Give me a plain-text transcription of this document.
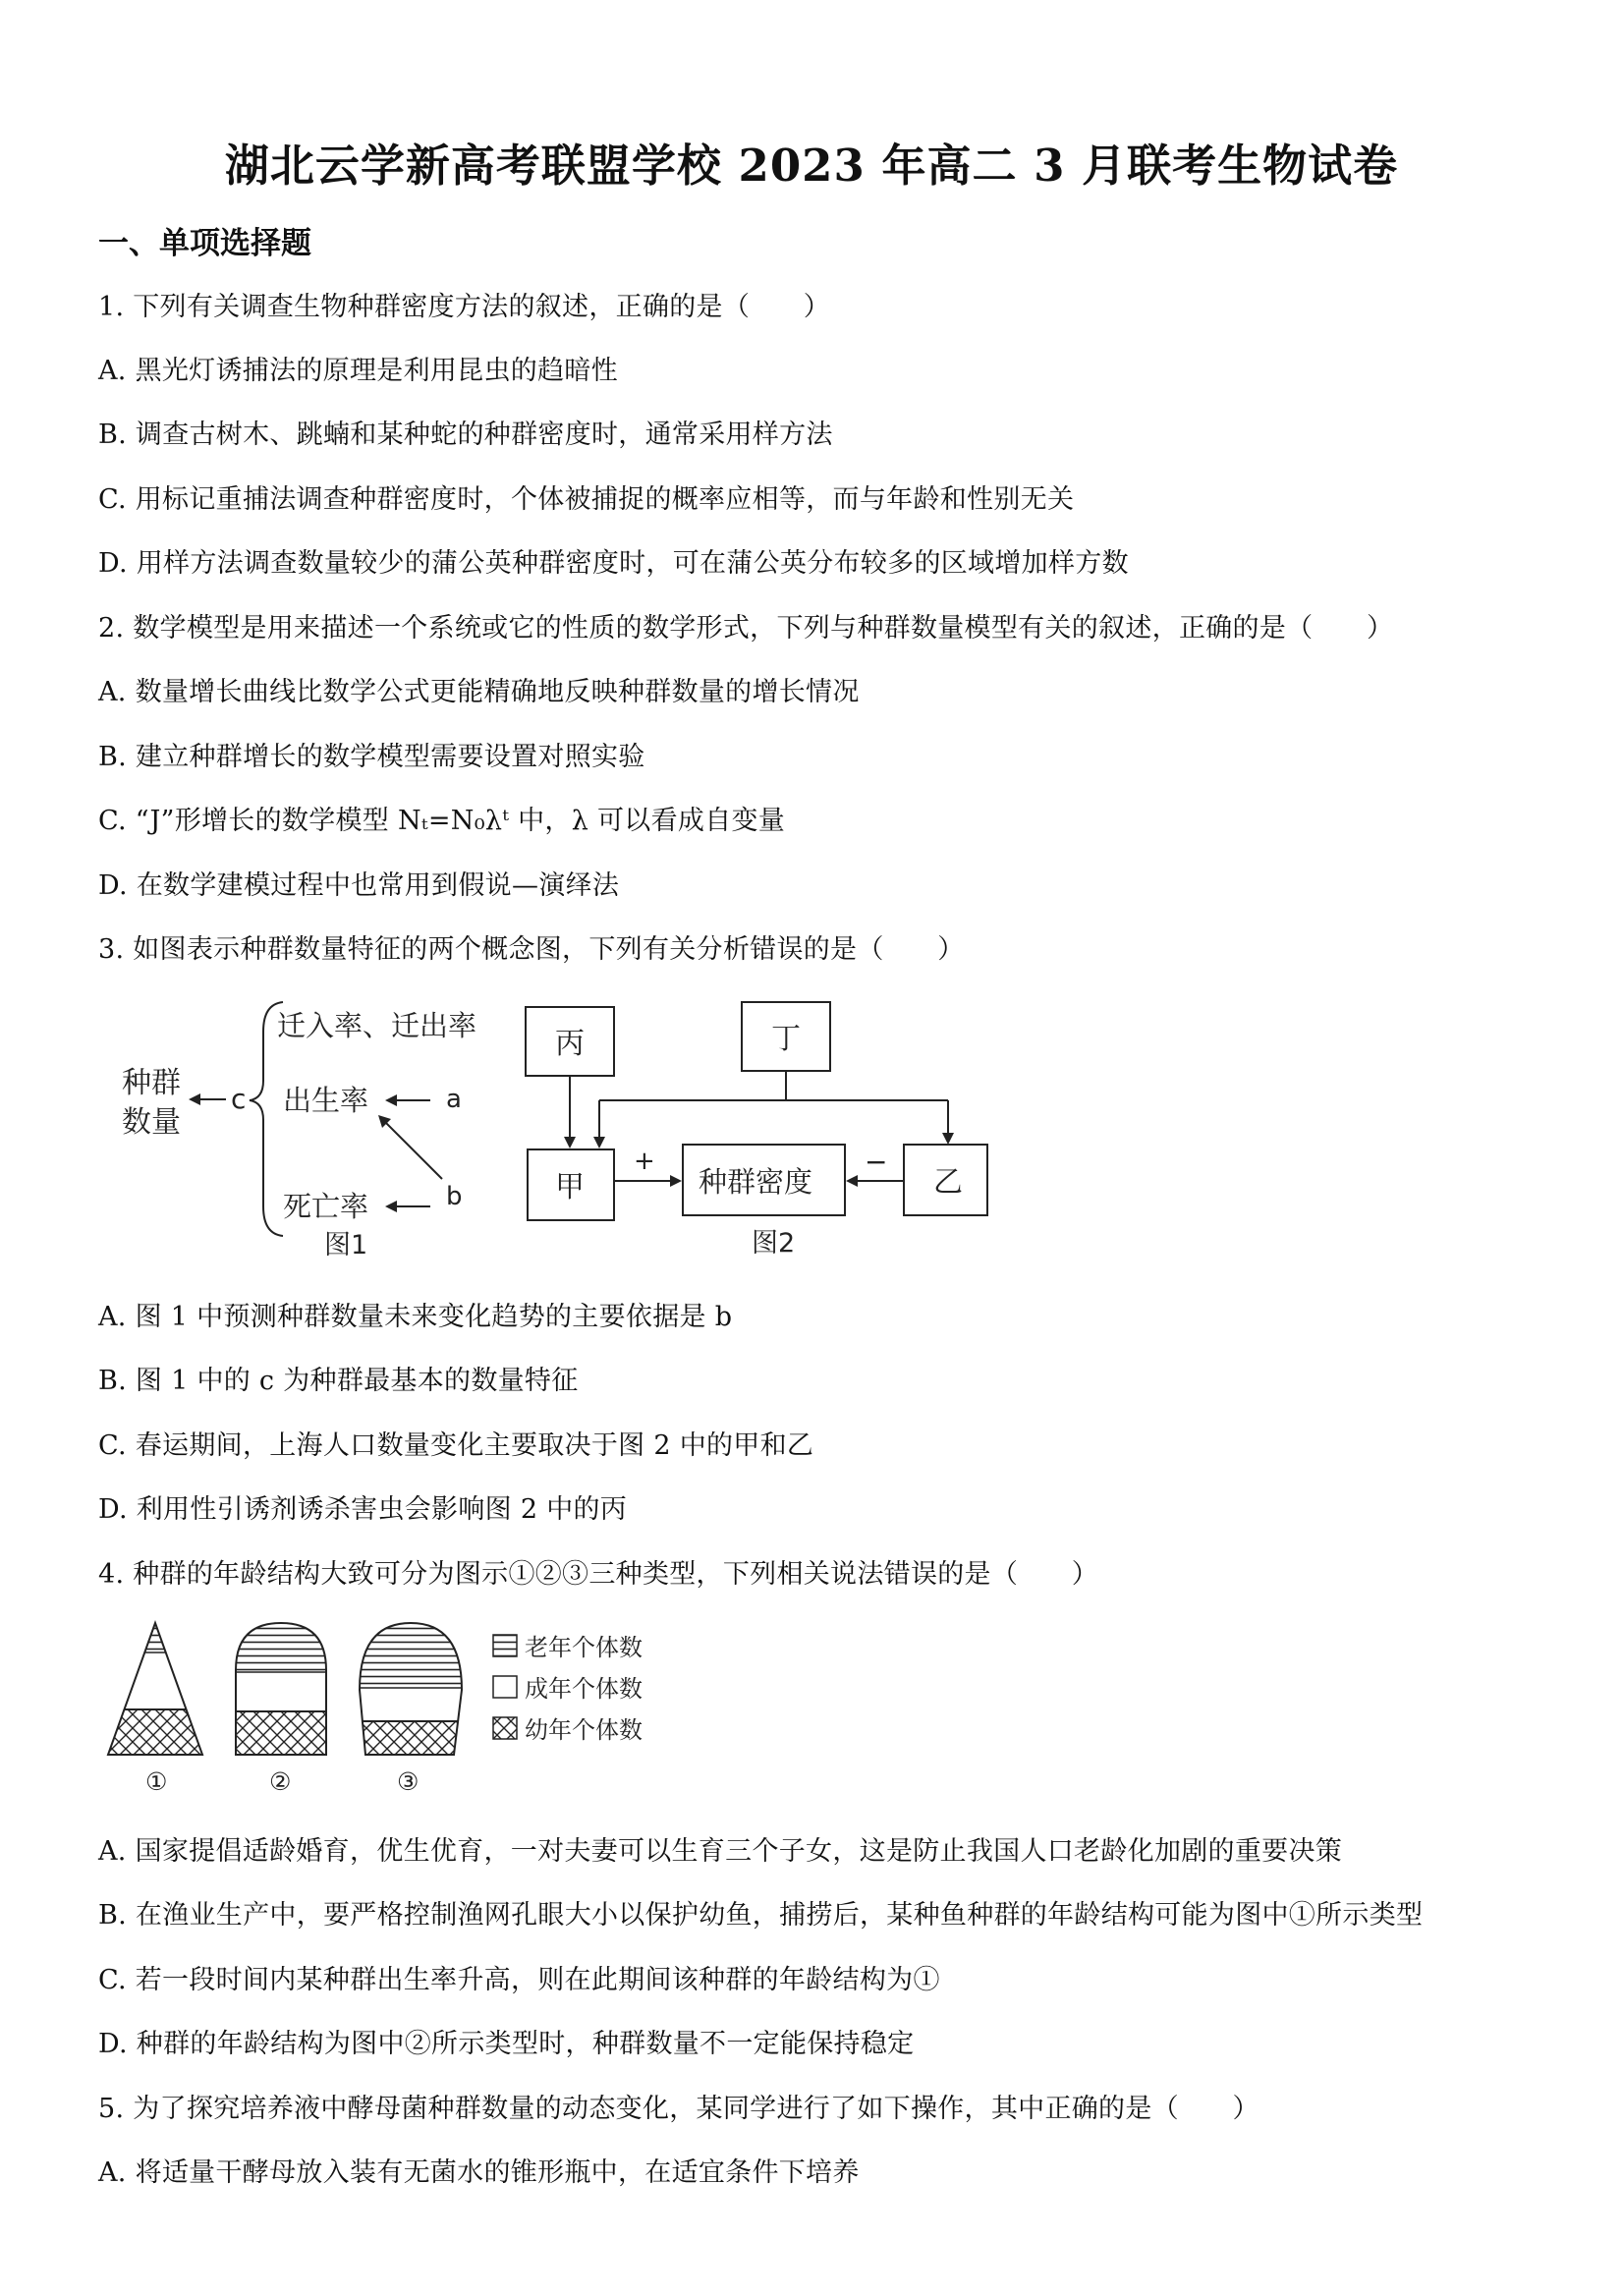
湖北云学新高考联盟学校 2023 年高二 3 月联考生物试卷
一、单项选择题
1. 下列有关调查生物种群密度方法的叙述，正确的是（　　）
A. 黑光灯诱捕法的原理是利用昆虫的趋暗性
B. 调查古树木、跳蝻和某种蛇的种群密度时，通常采用样方法
C. 用标记重捕法调查种群密度时，个体被捕捉的概率应相等，而与年龄和性别无关
D. 用样方法调查数量较少的蒲公英种群密度时，可在蒲公英分布较多的区域增加样方数
2. 数学模型是用来描述一个系统或它的性质的数学形式，下列与种群数量模型有关的叙述，正确的是（　　）
A. 数量增长曲线比数学公式更能精确地反映种群数量的增长情况
B. 建立种群增长的数学模型需要设置对照实验
C. “J”形增长的数学模型 Nₜ=N₀λᵗ 中，λ 可以看成自变量
D. 在数学建模过程中也常用到假说—演绎法
3. 如图表示种群数量特征的两个概念图，下列有关分析错误的是（　　）
种群
数量
c
迁入率、迁出率
出生率
死亡率
a
b
图1
丙	丁
甲	种群密度	乙
+	−
图2
A. 图 1 中预测种群数量未来变化趋势的主要依据是 b
B. 图 1 中的 c 为种群最基本的数量特征
C. 春运期间，上海人口数量变化主要取决于图 2 中的甲和乙
D. 利用性引诱剂诱杀害虫会影响图 2 中的丙
4. 种群的年龄结构大致可分为图示①②③三种类型，下列相关说法错误的是（　　）
①	②	③
老年个体数
成年个体数
幼年个体数
A. 国家提倡适龄婚育，优生优育，一对夫妻可以生育三个子女，这是防止我国人口老龄化加剧的重要决策
B. 在渔业生产中，要严格控制渔网孔眼大小以保护幼鱼，捕捞后，某种鱼种群的年龄结构可能为图中①所示类型
C. 若一段时间内某种群出生率升高，则在此期间该种群的年龄结构为①
D. 种群的年龄结构为图中②所示类型时，种群数量不一定能保持稳定
5. 为了探究培养液中酵母菌种群数量的动态变化，某同学进行了如下操作，其中正确的是（　　）
A. 将适量干酵母放入装有无菌水的锥形瓶中，在适宜条件下培养
